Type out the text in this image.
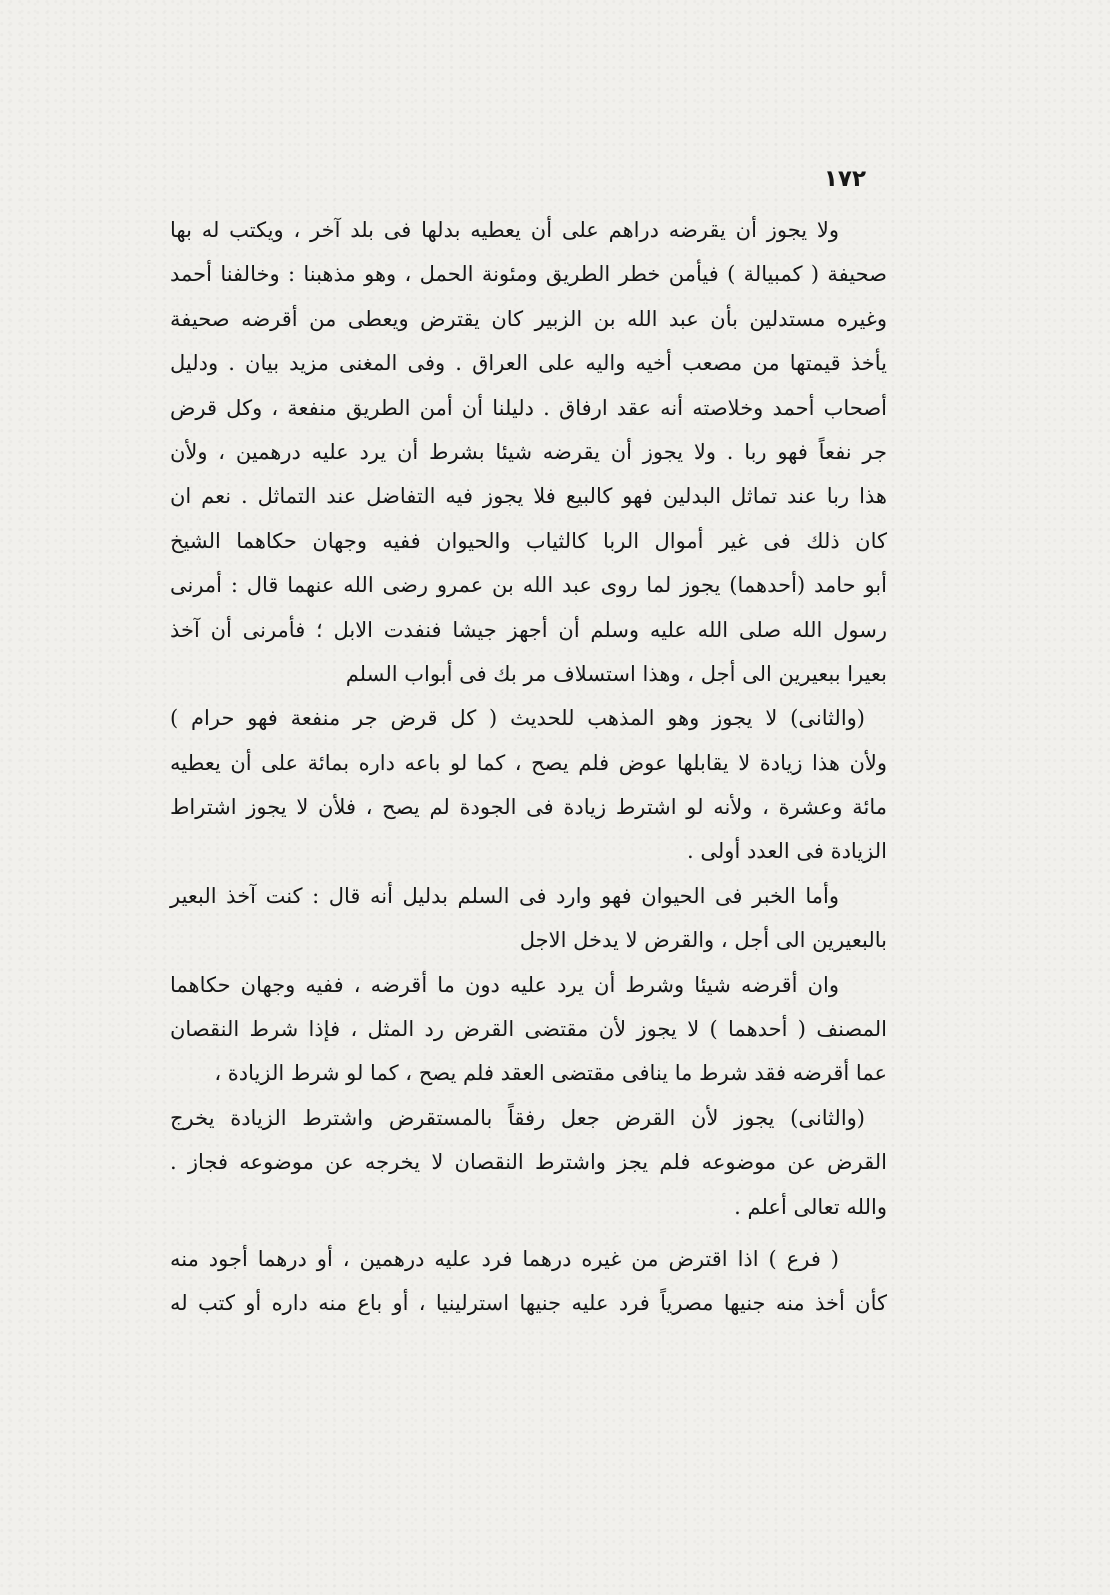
١٧٢
ولا يجوز أن يقرضه دراهم على أن يعطيه بدلها فى بلد آخر ، ويكتب له بها
صحيفة ( كمبيالة ) فيأمن خطر الطريق ومئونة الحمل ، وهو مذهبنا : وخالفنا أحمد
وغيره مستدلين بأن عبد الله بن الزبير كان يقترض ويعطى من أقرضه صحيفة
يأخذ قيمتها من مصعب أخيه واليه على العراق . وفى المغنى مزيد بيان . ودليل
أصحاب أحمد وخلاصته أنه عقد ارفاق . دليلنا أن أمن الطريق منفعة ، وكل قرض
جر نفعاً فهو ربا . ولا يجوز أن يقرضه شيئا بشرط أن يرد عليه درهمين ، ولأن
هذا ربا عند تماثل البدلين فهو كالبيع فلا يجوز فيه التفاضل عند التماثل . نعم ان
كان ذلك فى غير أموال الربا كالثياب والحيوان ففيه وجهان حكاهما الشيخ
أبو حامد (أحدهما) يجوز لما روى عبد الله بن عمرو رضى الله عنهما قال : أمرنى
رسول الله صلى الله عليه وسلم أن أجهز جيشا فنفدت الابل ؛ فأمرنى أن آخذ
بعيرا ببعيرين الى أجل ، وهذا استسلاف مر بك فى أبواب السلم
(والثانى) لا يجوز وهو المذهب للحديث ( كل قرض جر منفعة فهو حرام )
ولأن هذا زيادة لا يقابلها عوض فلم يصح ، كما لو باعه داره بمائة على أن يعطيه
مائة وعشرة ، ولأنه لو اشترط زيادة فى الجودة لم يصح ، فلأن لا يجوز اشتراط
الزيادة فى العدد أولى .
وأما الخبر فى الحيوان فهو وارد فى السلم بدليل أنه قال : كنت آخذ البعير
بالبعيرين الى أجل ، والقرض لا يدخل الاجل
وان أقرضه شيئا وشرط أن يرد عليه دون ما أقرضه ، ففيه وجهان حكاهما
المصنف ( أحدهما ) لا يجوز لأن مقتضى القرض رد المثل ، فإذا شرط النقصان
عما أقرضه فقد شرط ما ينافى مقتضى العقد فلم يصح ، كما لو شرط الزيادة ،
(والثانى) يجوز لأن القرض جعل رفقاً بالمستقرض واشترط الزيادة يخرج
القرض عن موضوعه فلم يجز واشترط النقصان لا يخرجه عن موضوعه فجاز .
والله تعالى أعلم .
( فرع ) اذا اقترض من غيره درهما فرد عليه درهمين ، أو درهما أجود منه
كأن أخذ منه جنيها مصرياً فرد عليه جنيها استرلينيا ، أو باع منه داره أو كتب له
